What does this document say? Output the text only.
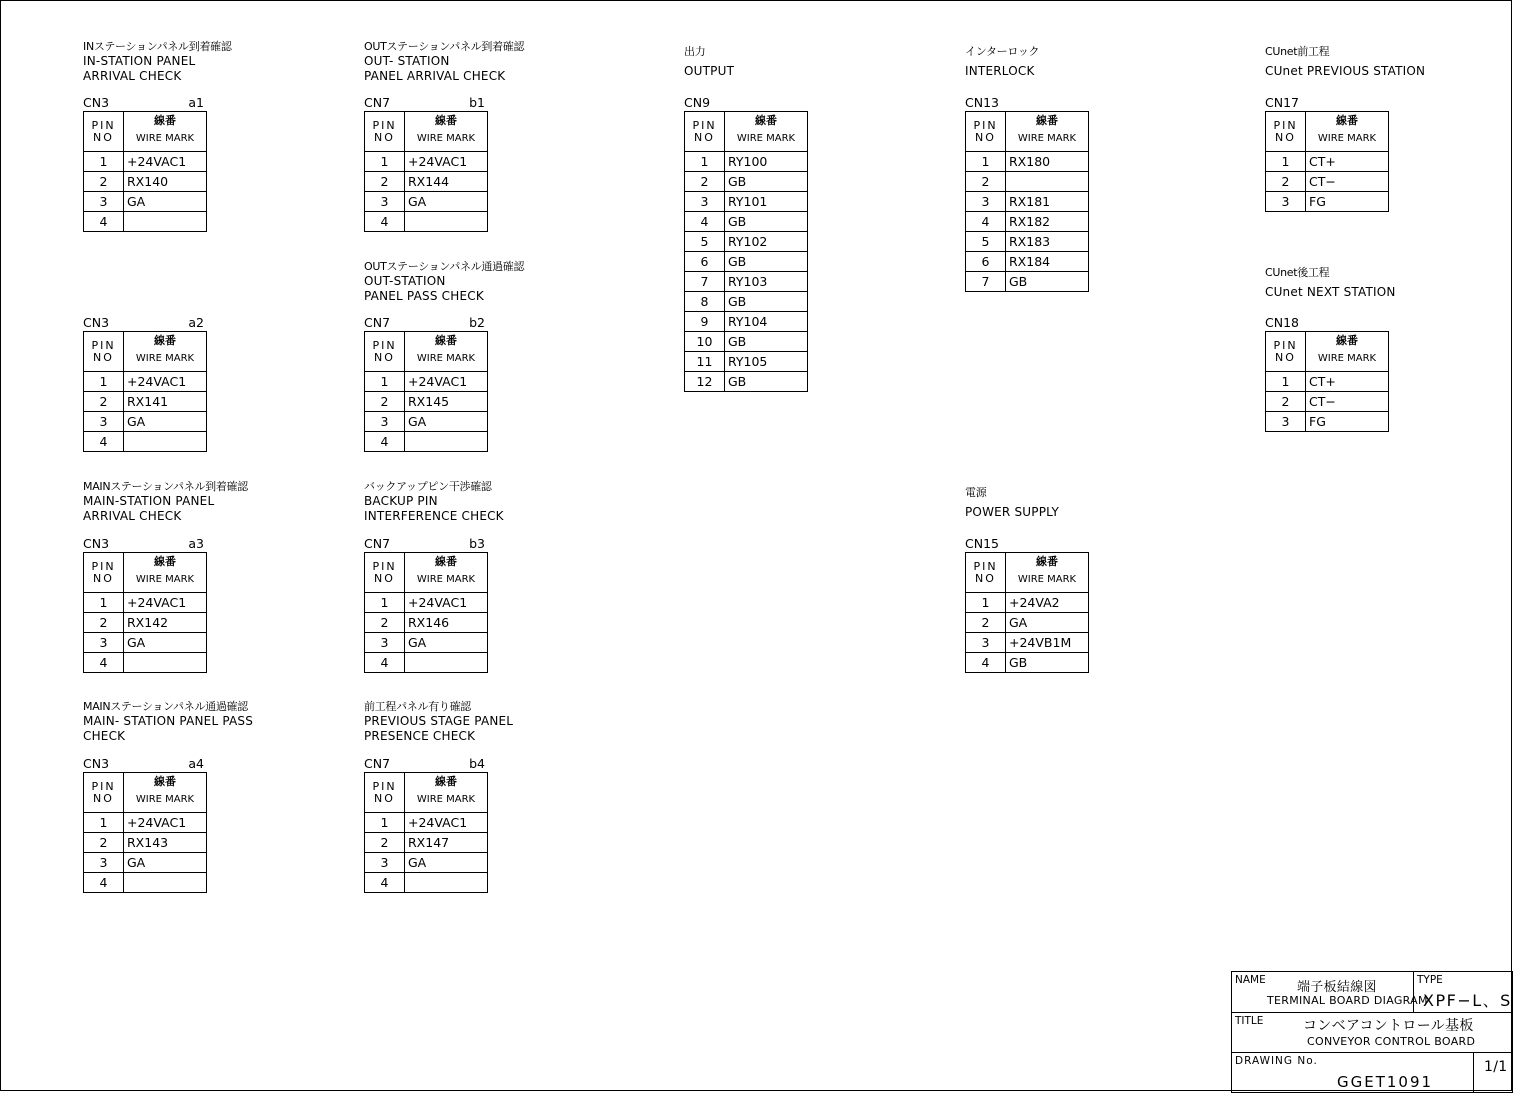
INステーションパネル到着確認
IN-STATION PANEL
ARRIVAL CHECK
CN3	a1
PIN
NO	線番
WIRE MARK

1	+24VAC1
2	RX140
3	GA
4	
CN3	a2
PIN
NO	線番
WIRE MARK

1	+24VAC1
2	RX141
3	GA
4	
MAINステーションパネル到着確認
MAIN-STATION PANEL
ARRIVAL CHECK
CN3	a3
PIN
NO	線番
WIRE MARK

1	+24VAC1
2	RX142
3	GA
4	
MAINステーションパネル通過確認
MAIN- STATION PANEL PASS
CHECK
CN3	a4
PIN
NO	線番
WIRE MARK

1	+24VAC1
2	RX143
3	GA
4	
OUTステーションパネル到着確認
OUT- STATION
PANEL ARRIVAL CHECK
CN7	b1
PIN
NO	線番
WIRE MARK

1	+24VAC1
2	RX144
3	GA
4	
OUTステーションパネル通過確認
OUT-STATION
PANEL PASS CHECK
CN7	b2
PIN
NO	線番
WIRE MARK

1	+24VAC1
2	RX145
3	GA
4	
バックアップピン干渉確認
BACKUP PIN
INTERFERENCE CHECK
CN7	b3
PIN
NO	線番
WIRE MARK

1	+24VAC1
2	RX146
3	GA
4	
前工程パネル有り確認
PREVIOUS STAGE PANEL
PRESENCE CHECK
CN7	b4
PIN
NO	線番
WIRE MARK

1	+24VAC1
2	RX147
3	GA
4	
出力
OUTPUT
CN9
PIN
NO	線番
WIRE MARK

1	RY100
2	GB
3	RY101
4	GB
5	RY102
6	GB
7	RY103
8	GB
9	RY104
10	GB
11	RY105
12	GB
インターロック
INTERLOCK
CN13
PIN
NO	線番
WIRE MARK

1	RX180
2	
3	RX181
4	RX182
5	RX183
6	RX184
7	GB
電源
POWER SUPPLY
CN15
PIN
NO	線番
WIRE MARK

1	+24VA2
2	GA
3	+24VB1M
4	GB
CUnet前工程
CUnet PREVIOUS STATION
CN17
PIN
NO	線番
WIRE MARK

1	CT+
2	CT−
3	FG
CUnet後工程
CUnet NEXT STATION
CN18
PIN
NO	線番
WIRE MARK

1	CT+
2	CT−
3	FG
NAME 端子板結線図
TERMINAL BOARD DIAGRAM
TYPE
XPF−L、S
TITLE	コンベアコントロール基板
CONVEYOR CONTROL BOARD
DRAWING No.
GGET1091
1/1
